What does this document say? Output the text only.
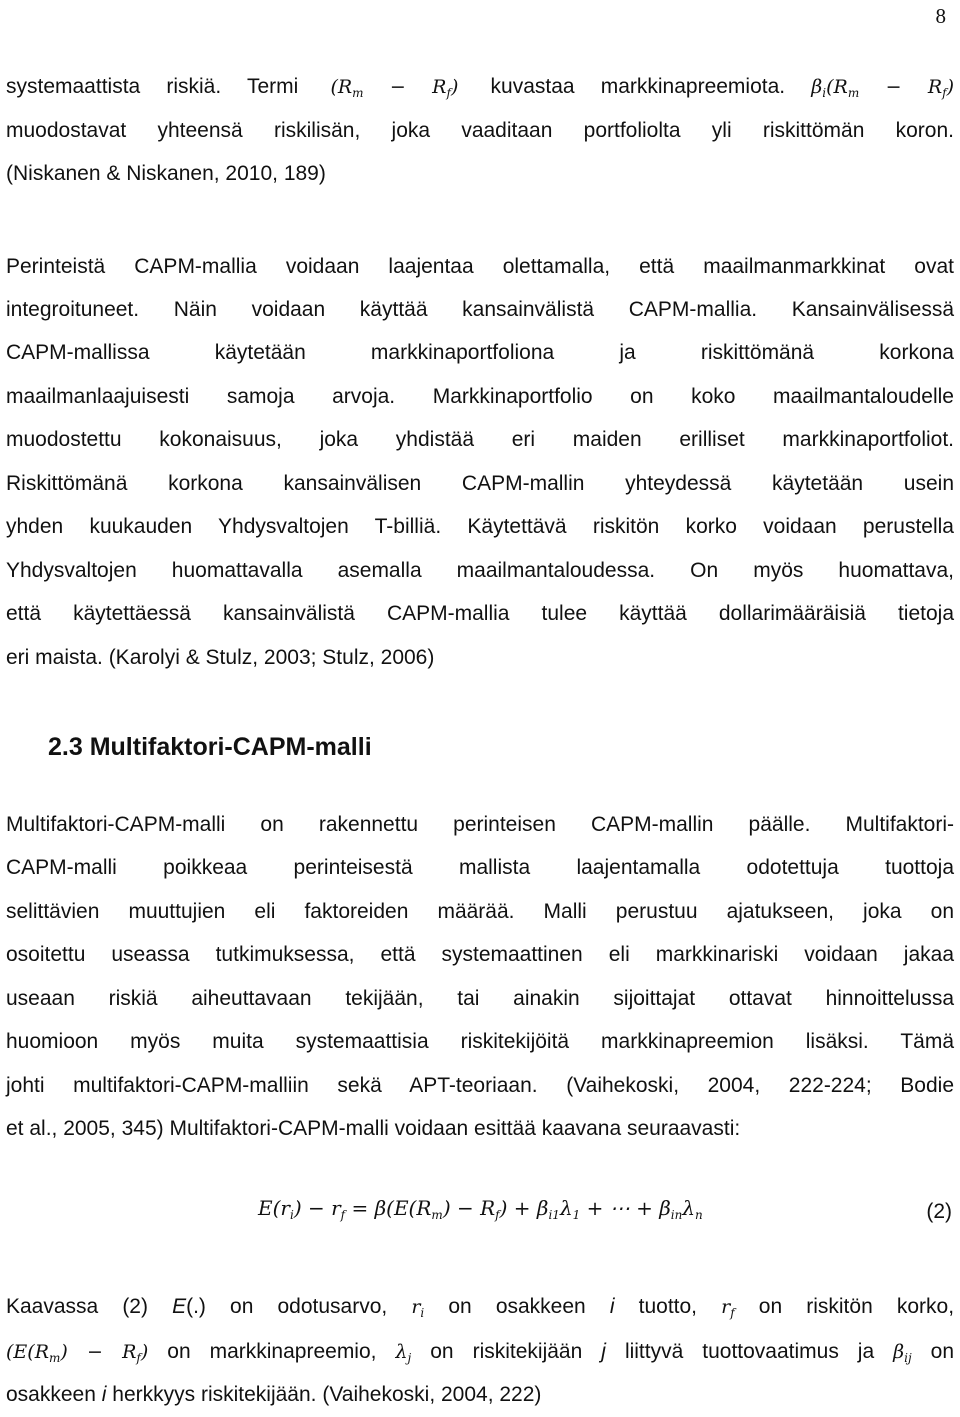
8

systemaattista riskiä. Termi $(R_m - R_f)$ kuvastaa markkinapreemiota. $\beta_i(R_m - R_f)$

muodostavat yhteensä riskilisän, joka vaaditaan portfoliolta yli riskittömän koron.

(Niskanen & Niskanen, 2010, 189)

Perinteistä CAPM-mallia voidaan laajentaa olettamalla, että maailmanmarkkinat ovat

integroituneet. Näin voidaan käyttää kansainvälistä CAPM-mallia. Kansainvälisessä

CAPM-mallissa käytetään markkinaportfoliona ja riskittömänä korkona

maailmanlaajuisesti samoja arvoja. Markkinaportfolio on koko maailmantaloudelle

muodostettu kokonaisuus, joka yhdistää eri maiden erilliset markkinaportfoliot.

Riskittömänä korkona kansainvälisen CAPM-mallin yhteydessä käytetään usein

yhden kuukauden Yhdysvaltojen T-billiä. Käytettävä riskitön korko voidaan perustella

Yhdysvaltojen huomattavalla asemalla maailmantaloudessa. On myös huomattava,

että käytettäessä kansainvälistä CAPM-mallia tulee käyttää dollarimääräisiä tietoja

eri maista. (Karolyi & Stulz, 2003; Stulz, 2006)

2.3 Multifaktori-CAPM-malli

Multifaktori-CAPM-malli on rakennettu perinteisen CAPM-mallin päälle. Multifaktori-

CAPM-malli poikkeaa perinteisestä mallista laajentamalla odotettuja tuottoja

selittävien muuttujien eli faktoreiden määrää. Malli perustuu ajatukseen, joka on

osoitettu useassa tutkimuksessa, että systemaattinen eli markkinariski voidaan jakaa

useaan riskiä aiheuttavaan tekijään, tai ainakin sijoittajat ottavat hinnoittelussa

huomioon myös muita systemaattisia riskitekijöitä markkinapreemion lisäksi. Tämä

johti multifaktori-CAPM-malliin sekä APT-teoriaan. (Vaihekoski, 2004, 222-224; Bodie

et al., 2005, 345) Multifaktori-CAPM-malli voidaan esittää kaavana seuraavasti:

$E(r_i) - r_f = \beta(E(R_m) - R_f) + \beta_{i1}\lambda_1$ + ⋯ + $\beta_{in}\lambda_n$	(2)

Kaavassa (2) E(.) on odotusarvo, $r_i$ on osakkeen i tuotto, $r_f$ on riskitön korko,

$(E(R_m) - R_f)$ on markkinapreemio, $\lambda_j$ on riskitekijään j liittyvä tuottovaatimus ja $\beta_{ij}$ on

osakkeen i herkkyys riskitekijään. (Vaihekoski, 2004, 222)
